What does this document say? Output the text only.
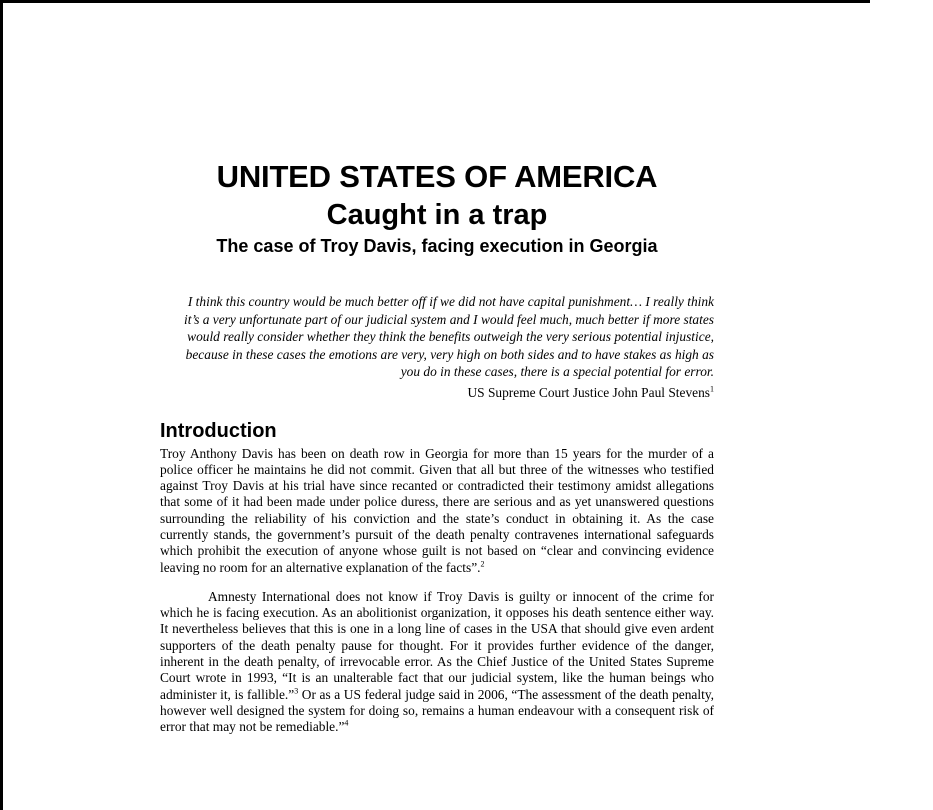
UNITED STATES OF AMERICA
Caught in a trap
The case of Troy Davis, facing execution in Georgia

I think this country would be much better off if we did not have capital punishment… I really think it’s a very unfortunate part of our judicial system and I would feel much, much better if more states would really consider whether they think the benefits outweigh the very serious potential injustice, because in these cases the emotions are very, very high on both sides and to have stakes as high as you do in these cases, there is a special potential for error.

US Supreme Court Justice John Paul Stevens$^1$

Introduction

Troy Anthony Davis has been on death row in Georgia for more than 15 years for the murder of a police officer he maintains he did not commit. Given that all but three of the witnesses who testified against Troy Davis at his trial have since recanted or contradicted their testimony amidst allegations that some of it had been made under police duress, there are serious and as yet unanswered questions surrounding the reliability of his conviction and the state’s conduct in obtaining it. As the case currently stands, the government’s pursuit of the death penalty contravenes international safeguards which prohibit the execution of anyone whose guilt is not based on “clear and convincing evidence leaving no room for an alternative explanation of the facts”.$^2$

Amnesty International does not know if Troy Davis is guilty or innocent of the crime for which he is facing execution. As an abolitionist organization, it opposes his death sentence either way. It nevertheless believes that this is one in a long line of cases in the USA that should give even ardent supporters of the death penalty pause for thought. For it provides further evidence of the danger, inherent in the death penalty, of irrevocable error. As the Chief Justice of the United States Supreme Court wrote in 1993, “It is an unalterable fact that our judicial system, like the human beings who administer it, is fallible.”$^3$ Or as a US federal judge said in 2006, “The assessment of the death penalty, however well designed the system for doing so, remains a human endeavour with a consequent risk of error that may not be remediable.”$^4$
